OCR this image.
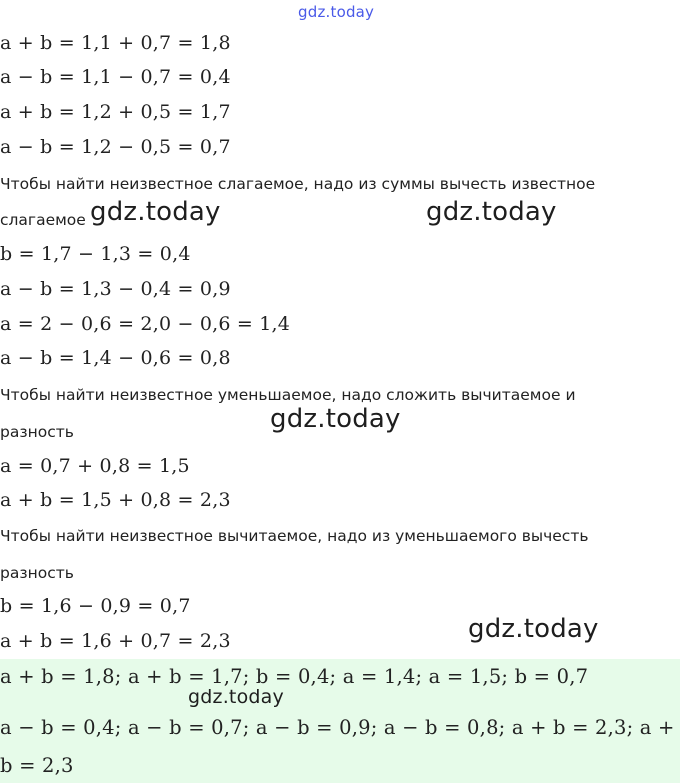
gdz.today
a + b = 1,1 + 0,7 = 1,8
a − b = 1,1 − 0,7 = 0,4
a + b = 1,2 + 0,5 = 1,7
a − b = 1,2 − 0,5 = 0,7
Чтобы найти неизвестное слагаемое, надо из суммы вычесть известное
слагаемое gdz.today	gdz.today
b = 1,7 − 1,3 = 0,4
a − b = 1,3 − 0,4 = 0,9
a = 2 − 0,6 = 2,0 − 0,6 = 1,4
a − b = 1,4 − 0,6 = 0,8
Чтобы найти неизвестное уменьшаемое, надо сложить вычитаемое и
разность	gdz.today
a = 0,7 + 0,8 = 1,5
a + b = 1,5 + 0,8 = 2,3
Чтобы найти неизвестное вычитаемое, надо из уменьшаемого вычесть
разность
b = 1,6 − 0,9 = 0,7
a + b = 1,6 + 0,7 = 2,3	gdz.today
a + b = 1,8; a + b = 1,7; b = 0,4; a = 1,4; a = 1,5; b = 0,7
gdz.today
a − b = 0,4; a − b = 0,7; a − b = 0,9; a − b = 0,8; a + b = 2,3; a +
b = 2,3
